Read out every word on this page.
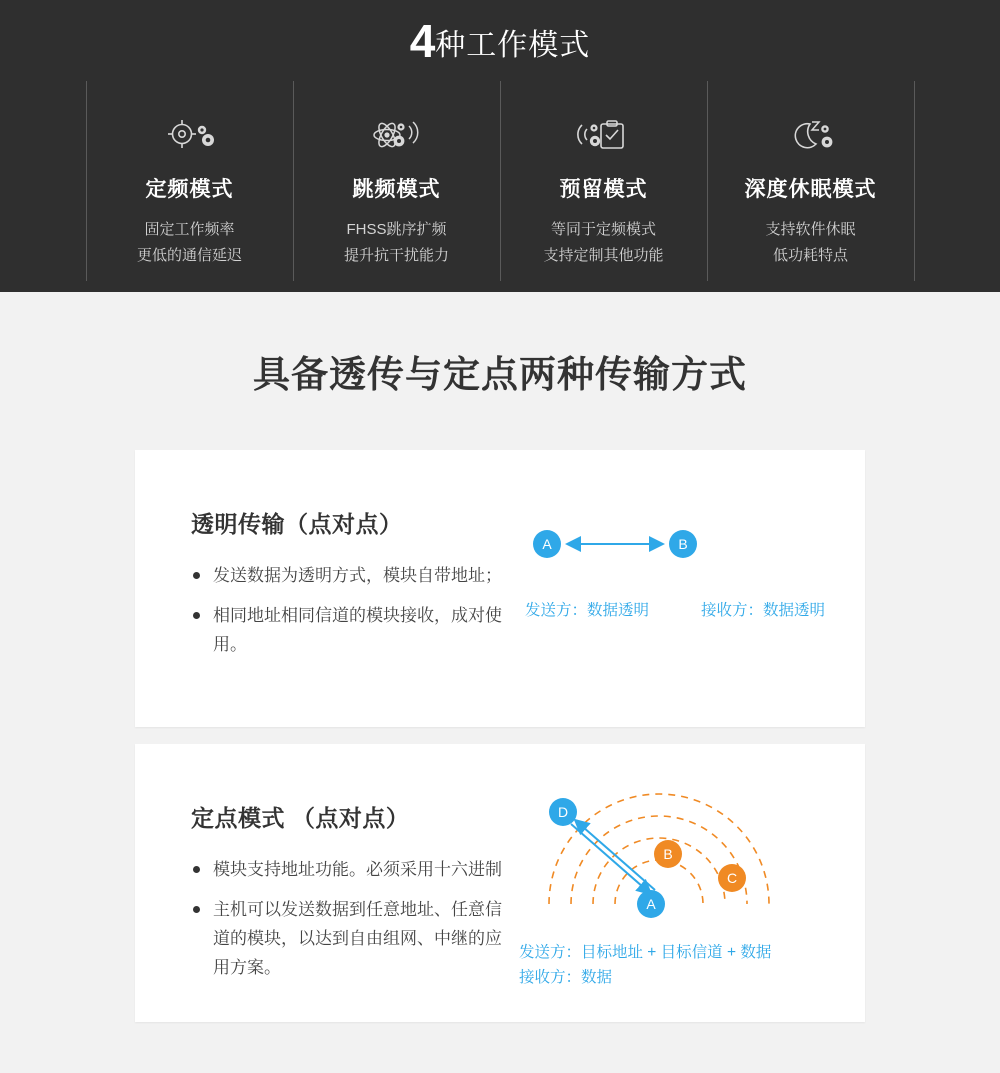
4种工作模式
定频模式
固定工作频率
更低的通信延迟
跳频模式
FHSS跳序扩频
提升抗干扰能力
预留模式
等同于定频模式
支持定制其他功能
深度休眠模式
支持软件休眠
低功耗特点
具备透传与定点两种传输方式
透明传输（点对点）
发送数据为透明方式，模块自带地址；
相同地址相同信道的模块接收，成对使用。
A	B
发送方：数据透明	接收方：数据透明
定点模式 （点对点）
模块支持地址功能。必须采用十六进制
主机可以发送数据到任意地址、任意信道的模块，以达到自由组网、中继的应用方案。
D
B
C
A
发送方：目标地址 + 目标信道 + 数据
接收方：数据
